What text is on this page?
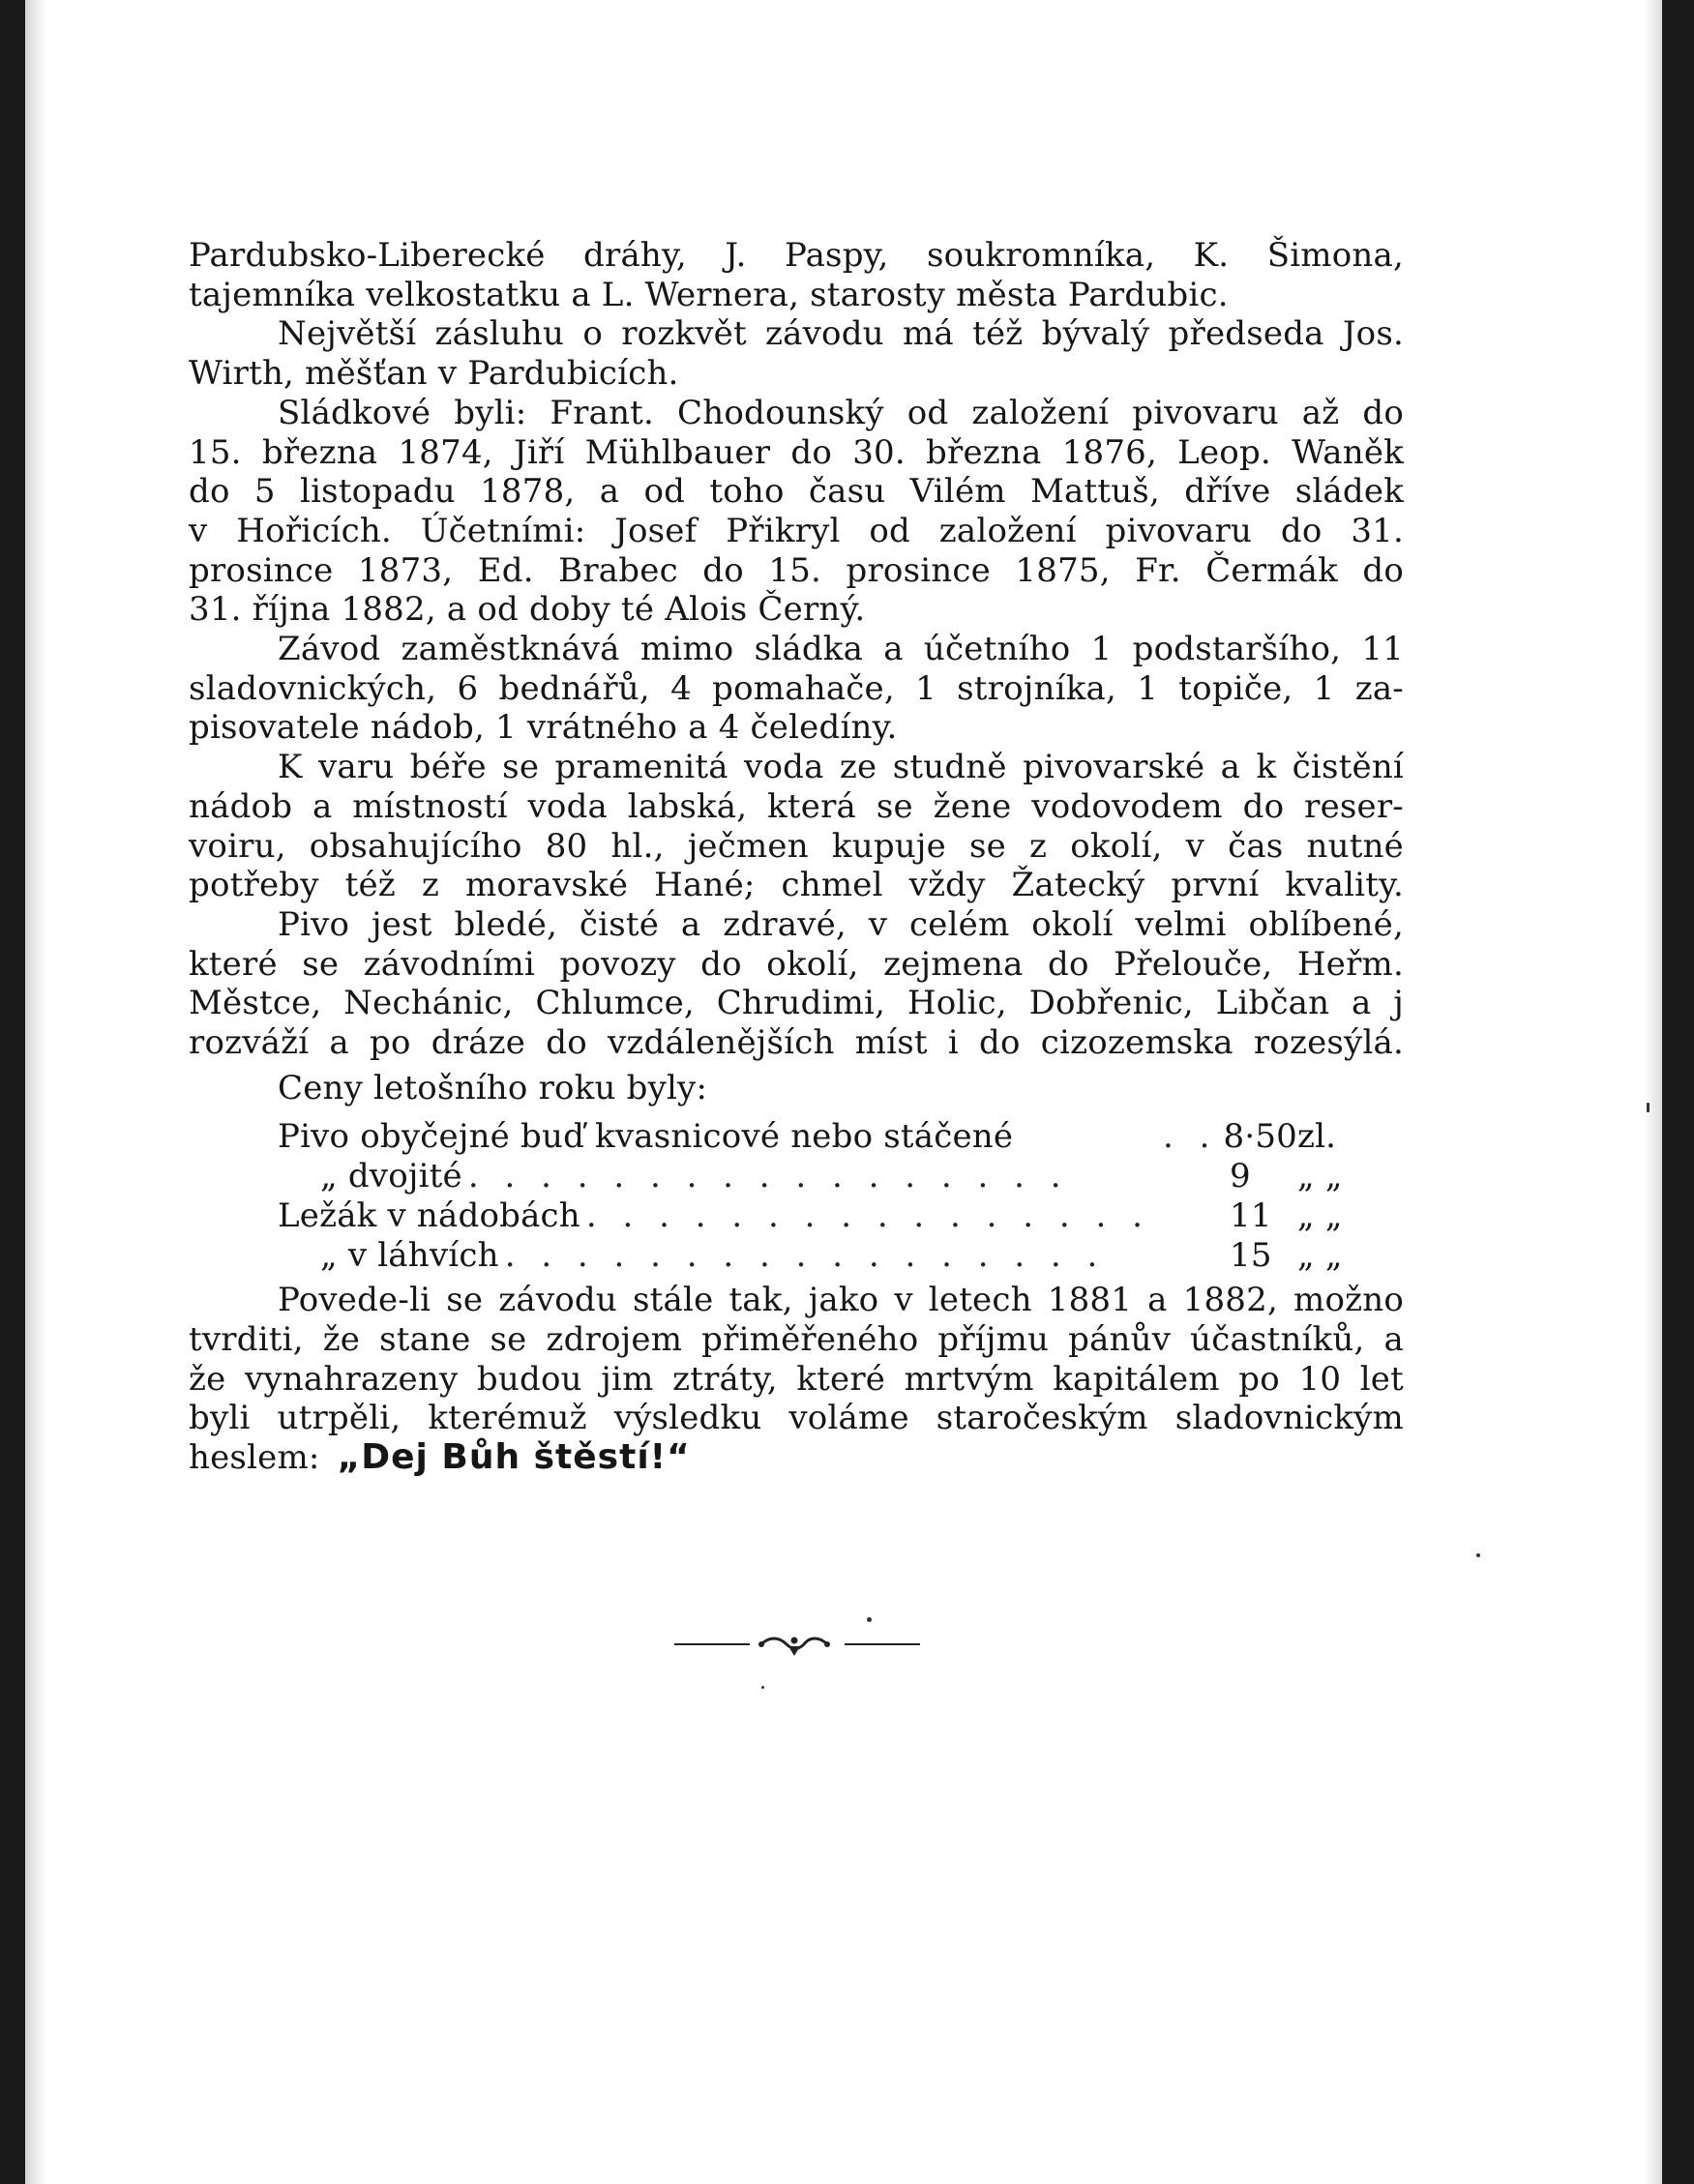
Pardubsko-Liberecké dráhy, J. Paspy, soukromníka, K. Šimona,
tajemníka velkostatku a L. Wernera, starosty města Pardubic.
Největší zásluhu o rozkvět závodu má též bývalý předseda Jos.
Wirth, měšťan v Pardubicích.
Sládkové byli: Frant. Chodounský od založení pivovaru až do
15. března 1874, Jiří Mühlbauer do 30. března 1876, Leop. Waněk
do 5 listopadu 1878, a od toho času Vilém Mattuš, dříve sládek
v Hořicích. Účetními: Josef Přikryl od založení pivovaru do 31.
prosince 1873, Ed. Brabec do 15. prosince 1875, Fr. Čermák do
31. října 1882, a od doby té Alois Černý.
Závod zaměstknává mimo sládka a účetního 1 podstaršího, 11
sladovnických, 6 bednářů, 4 pomahače, 1 strojníka, 1 topiče, 1 za-
pisovatele nádob, 1 vrátného a 4 čeledíny.
K varu béře se pramenitá voda ze studně pivovarské a k čistění
nádob a místností voda labská, která se žene vodovodem do reser-
voiru, obsahujícího 80 hl., ječmen kupuje se z okolí, v čas nutné
potřeby též z moravské Hané; chmel vždy Žatecký první kvality.
Pivo jest bledé, čisté a zdravé, v celém okolí velmi oblíbené,
které se závodními povozy do okolí, zejmena do Přelouče, Heřm.
Městce, Nechánic, Chlumce, Chrudimi, Holic, Dobřenic, Libčan a j
rozváží a po dráze do vzdálenějších míst i do cizozemska rozesýlá.
Ceny letošního roku byly:
Pivo obyčejné buď kvasnicové nebo stáčené	. . 8·50 zl.
„ dvojité . . . . . . . . . . . . . . . . .	9	„ „
Ležák v nádobách . . . . . . . . . . . . . . . .	11 „ „
„ v láhvích . . . . . . . . . . . . . . . . .	15 „ „
Povede-li se závodu stále tak, jako v letech 1881 a 1882, možno
tvrditi, že stane se zdrojem přiměřeného příjmu pánův účastníků, a
že vynahrazeny budou jim ztráty, které mrtvým kapitálem po 10 let
byli utrpěli, kterémuž výsledku voláme staročeským sladovnickým
heslem: „Dej Bůh štěstí!“
